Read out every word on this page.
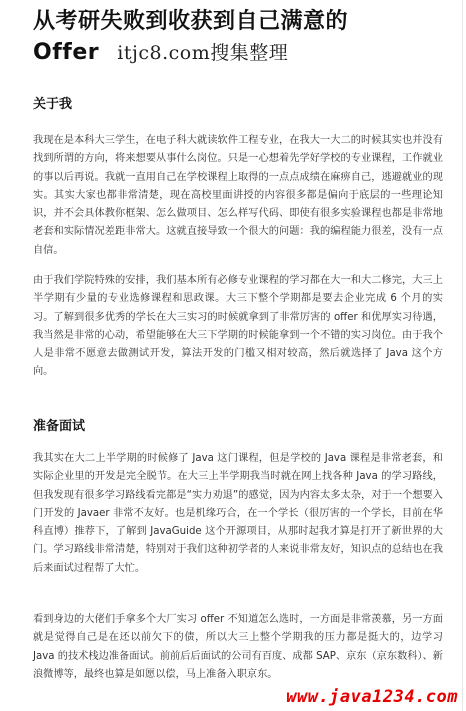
从考研失败到收获到自己满意的
Offer itjc8.com搜集整理
关于我

我现在是本科大三学生，在电子科大就读软件工程专业，在我大一大二的时候其实也并没有找到所谓的方向，将来想要从事什么岗位。只是一心想着先学好学校的专业课程，工作就业的事以后再说。我就一直用自己在学校课程上取得的一点点成绩在麻痹自己，逃避就业的现实。其实大家也都非常清楚，现在高校里面讲授的内容很多都是偏向于底层的一些理论知识，并不会具体教你框架、怎么做项目、怎么样写代码、即使有很多实验课程也都是非常地老套和实际情况差距非常大。这就直接导致一个很大的问题：我的编程能力很差，没有一点自信。

由于我们学院特殊的安排，我们基本所有必修专业课程的学习都在大一和大二修完，大三上半学期有少量的专业选修课程和思政课。大三下整个学期都是要去企业完成 6 个月的实习。了解到很多优秀的学长在大三实习的时候就拿到了非常厉害的 offer 和优厚实习待遇，我当然是非常的心动，希望能够在大三下学期的时候能拿到一个不错的实习岗位。由于我个人是非常不愿意去做测试开发，算法开发的门槛又相对较高，然后就选择了 Java 这个方向。

准备面试

我其实在大二上半学期的时候修了 Java 这门课程，但是学校的 Java 课程是非常老套，和实际企业里的开发是完全脱节。在大三上半学期我当时就在网上找各种 Java 的学习路线，但我发现有很多学习路线看完都是“实力劝退”的感觉，因为内容太多太杂，对于一个想要入门开发的 Javaer 非常不友好。也是机缘巧合，在一个学长（很厉害的一个学长，目前在华科直博）推荐下，了解到 JavaGuide 这个开源项目，从那时起我才算是打开了新世界的大门。学习路线非常清楚，特别对于我们这种初学者的人来说非常友好，知识点的总结也在我后来面试过程帮了大忙。

看到身边的大佬们手拿多个大厂实习 offer 不知道怎么选时，一方面是非常羡慕，另一方面就是觉得自己是在还以前欠下的债，所以大三上整个学期我的压力都是挺大的，边学习 Java 的技术栈边准备面试。前前后后面试的公司有百度、成都 SAP、京东（京东数科）、新浪微博等，最终也算是如愿以偿，马上准备入职京东。

www.java1234.com
